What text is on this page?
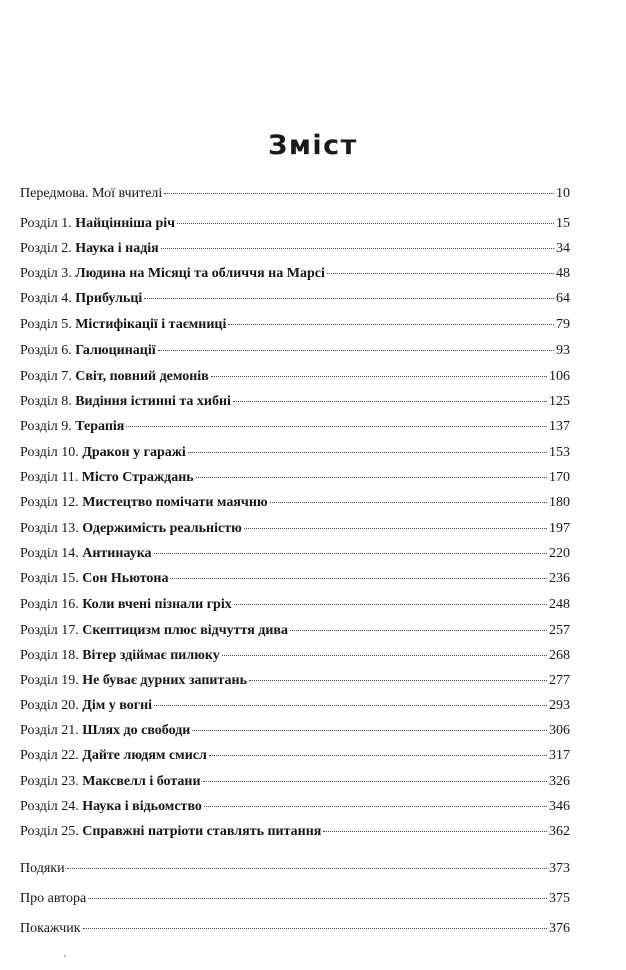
Зміст
Передмова. Мої вчителі	10
Розділ 1. Найцінніша річ	15
Розділ 2. Наука і надія	34
Розділ 3. Людина на Місяці та обличчя на Марсі	48
Розділ 4. Прибульці	64
Розділ 5. Містифікації і таємниці	79
Розділ 6. Галюцинації	93
Розділ 7. Світ, повний демонів	106
Розділ 8. Видіння істинні та хибні	125
Розділ 9. Терапія	137
Розділ 10. Дракон у гаражі	153
Розділ 11. Місто Страждань	170
Розділ 12. Мистецтво помічати маячню	180
Розділ 13. Одержимість реальністю	197
Розділ 14. Антинаука	220
Розділ 15. Сон Ньютона	236
Розділ 16. Коли вчені пізнали гріх	248
Розділ 17. Скептицизм плюс відчуття дива	257
Розділ 18. Вітер здіймає пилюку	268
Розділ 19. Не буває дурних запитань	277
Розділ 20. Дім у вогні	293
Розділ 21. Шлях до свободи	306
Розділ 22. Дайте людям смисл	317
Розділ 23. Максвелл і ботани	326
Розділ 24. Наука і відьомство	346
Розділ 25. Справжні патріоти ставлять питання	362
Подяки	373
Про автора	375
Покажчик	376
